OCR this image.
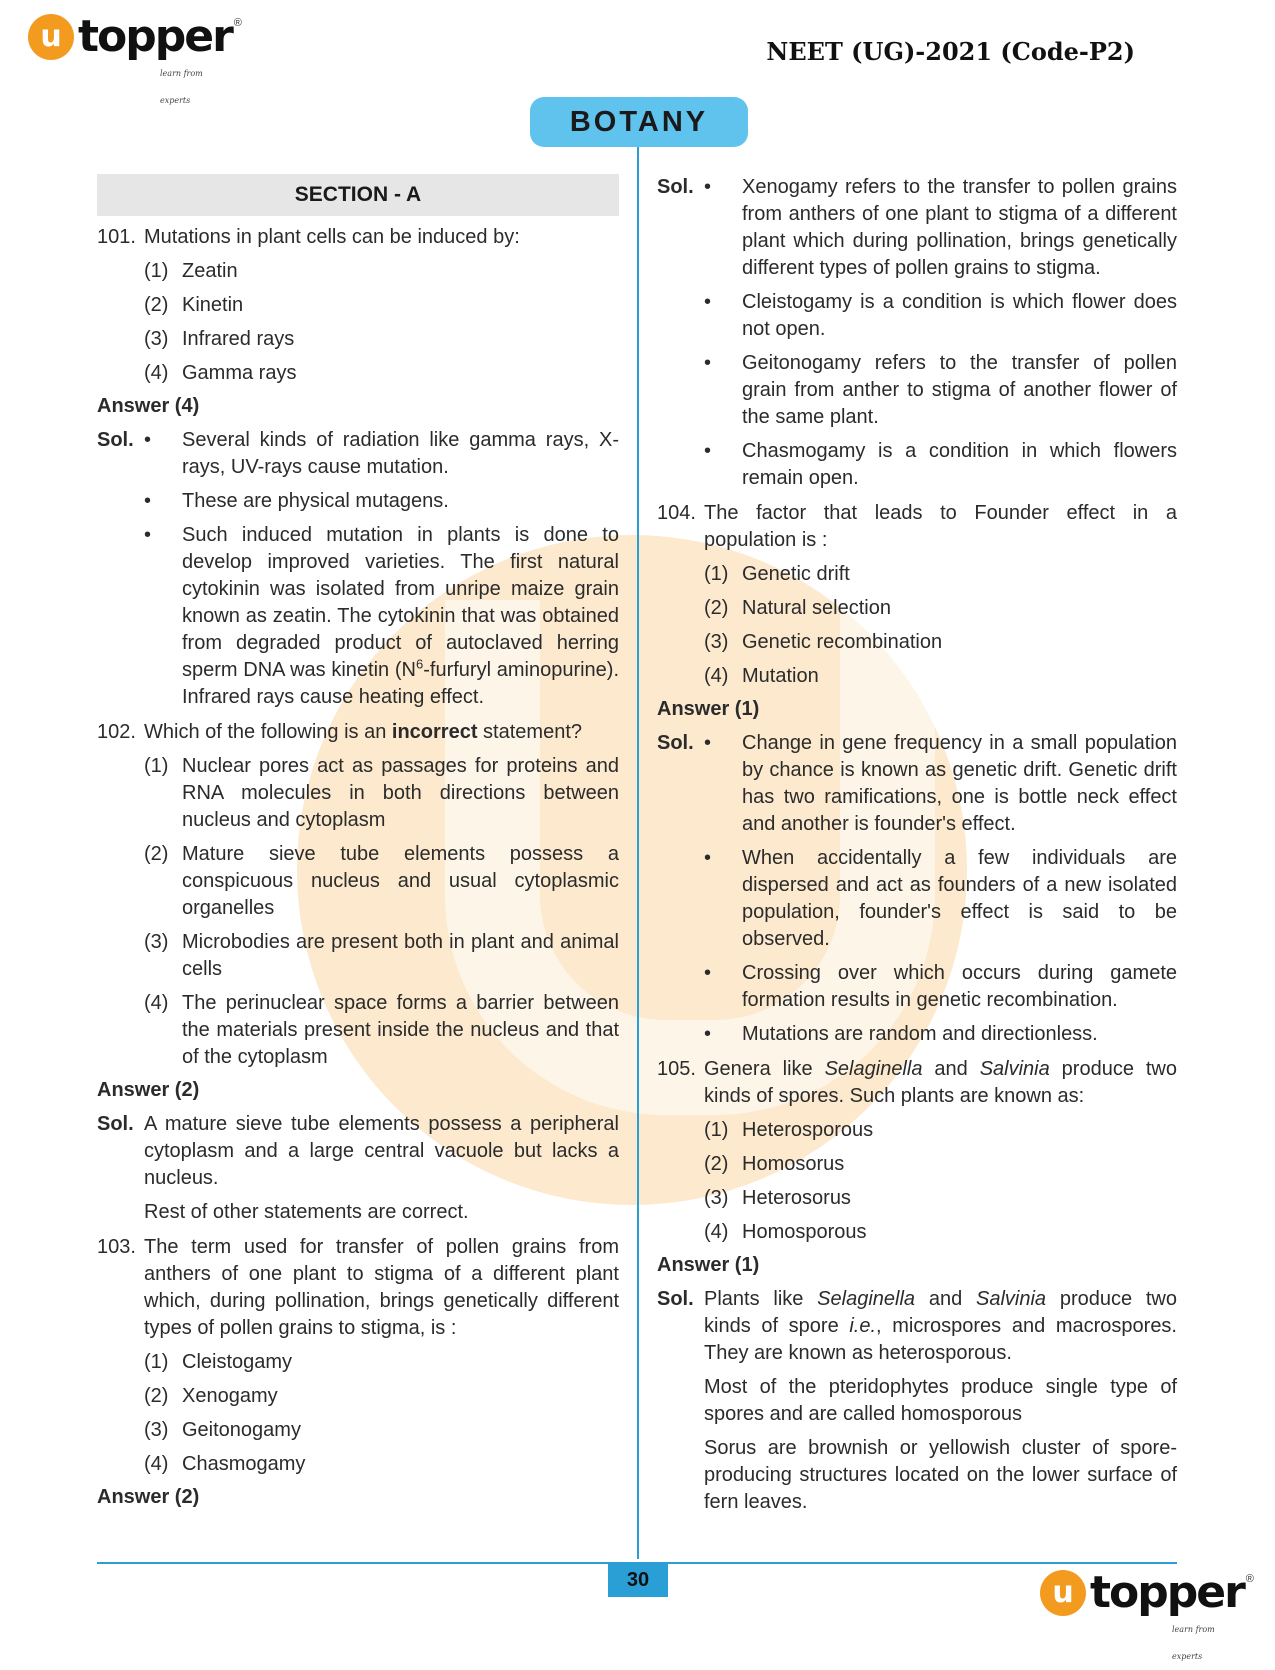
u topper ®
learn from experts
NEET (UG)-2021 (Code-P2)
BOTANY
SECTION - A
101. Mutations in plant cells can be induced by:
(1) Zeatin
(2) Kinetin
(3) Infrared rays
(4) Gamma rays
Answer (4)
Sol. •	Several kinds of radiation like gamma rays, X-rays, UV-rays cause mutation.
•	These are physical mutagens.
•	Such induced mutation in plants is done to develop improved varieties. The first natural cytokinin was isolated from unripe maize grain known as zeatin. The cytokinin that was obtained from degraded product of autoclaved herring sperm DNA was kinetin ($N^6$-furfuryl aminopurine). Infrared rays cause heating effect.
102. Which of the following is an incorrect statement?
(1) Nuclear pores act as passages for proteins and RNA molecules in both directions between nucleus and cytoplasm
(2) Mature sieve tube elements possess a conspicuous nucleus and usual cytoplasmic organelles
(3) Microbodies are present both in plant and animal cells
(4) The perinuclear space forms a barrier between the materials present inside the nucleus and that of the cytoplasm
Answer (2)
Sol. A mature sieve tube elements possess a peripheral cytoplasm and a large central vacuole but lacks a nucleus.
Rest of other statements are correct.
103. The term used for transfer of pollen grains from anthers of one plant to stigma of a different plant which, during pollination, brings genetically different types of pollen grains to stigma, is :
(1) Cleistogamy
(2) Xenogamy
(3) Geitonogamy
(4) Chasmogamy
Answer (2)
Sol. •	Xenogamy refers to the transfer to pollen grains from anthers of one plant to stigma of a different plant which during pollination, brings genetically different types of pollen grains to stigma.
•	Cleistogamy is a condition is which flower does not open.
•	Geitonogamy refers to the transfer of pollen grain from anther to stigma of another flower of the same plant.
•	Chasmogamy is a condition in which flowers remain open.
104. The factor that leads to Founder effect in a population is :
(1) Genetic drift
(2) Natural selection
(3) Genetic recombination
(4) Mutation
Answer (1)
Sol. •	Change in gene frequency in a small population by chance is known as genetic drift. Genetic drift has two ramifications, one is bottle neck effect and another is founder's effect.
•	When accidentally a few individuals are dispersed and act as founders of a new isolated population, founder's effect is said to be observed.
•	Crossing over which occurs during gamete formation results in genetic recombination.
•	Mutations are random and directionless.
105. Genera like Selaginella and Salvinia produce two kinds of spores. Such plants are known as:
(1) Heterosporous
(2) Homosorus
(3) Heterosorus
(4) Homosporous
Answer (1)
Sol. Plants like Selaginella and Salvinia produce two kinds of spore i.e., microspores and macrospores. They are known as heterosporous.
Most of the pteridophytes produce single type of spores and are called homosporous
Sorus are brownish or yellowish cluster of spore-producing structures located on the lower surface of fern leaves.
30	u topper ®
learn from experts
